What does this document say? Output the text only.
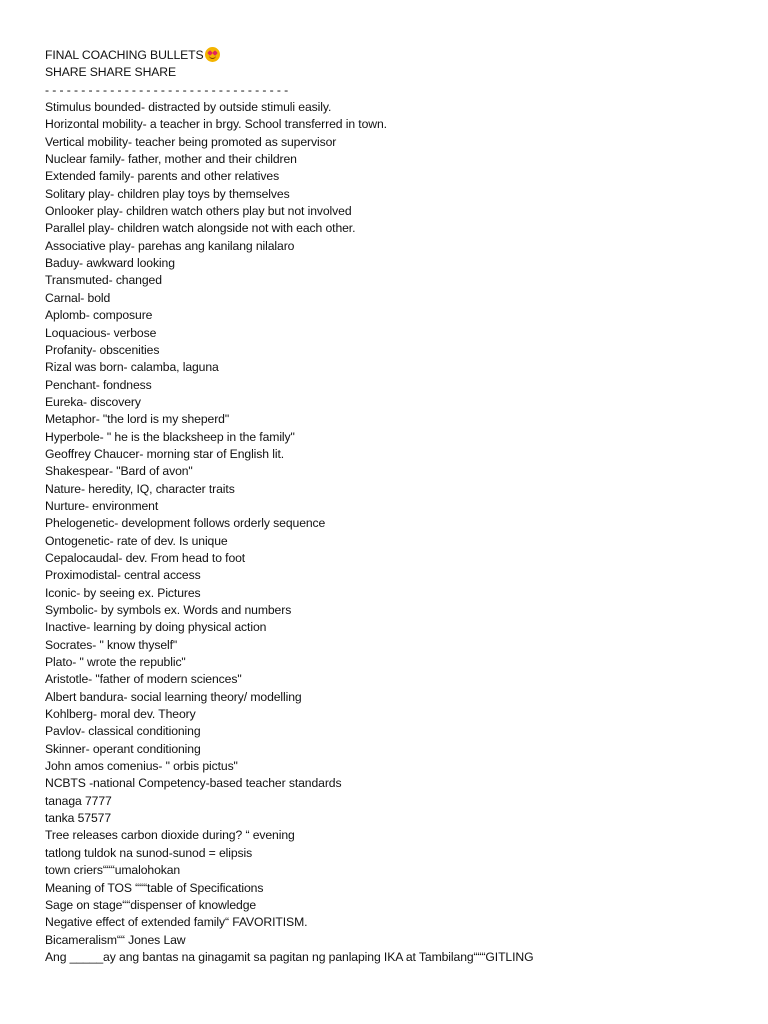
FINAL COACHING BULLETS
SHARE SHARE SHARE
- - - - - - - - - - - - - - - - - - - - - - - - - - - - - - - - - -
Stimulus bounded- distracted by outside stimuli easily.
Horizontal mobility- a teacher in brgy. School transferred in town.
Vertical mobility- teacher being promoted as supervisor
Nuclear family- father, mother and their children
Extended family- parents and other relatives
Solitary play- children play toys by themselves
Onlooker play- children watch others play but not involved
Parallel play- children watch alongside not with each other.
Associative play- parehas ang kanilang nilalaro
Baduy- awkward looking
Transmuted- changed
Carnal- bold
Aplomb- composure
Loquacious- verbose
Profanity- obscenities
Rizal was born- calamba, laguna
Penchant- fondness
Eureka- discovery
Metaphor- "the lord is my sheperd"
Hyperbole- " he is the blacksheep in the family"
Geoffrey Chaucer- morning star of English lit.
Shakespear- "Bard of avon"
Nature- heredity, IQ, character traits
Nurture- environment
Phelogenetic- development follows orderly sequence
Ontogenetic- rate of dev. Is unique
Cepalocaudal- dev. From head to foot
Proximodistal- central access
Iconic- by seeing ex. Pictures
Symbolic- by symbols ex. Words and numbers
Inactive- learning by doing physical action
Socrates- " know thyself"
Plato- " wrote the republic"
Aristotle- "father of modern sciences"
Albert bandura- social learning theory/ modelling
Kohlberg- moral dev. Theory
Pavlov- classical conditioning
Skinner- operant conditioning
John amos comenius- " orbis pictus"
NCBTS -national Competency-based teacher standards
tanaga 7777
tanka 57577
Tree releases carbon dioxide during? “ evening
tatlong tuldok na sunod-sunod = elipsis
town criers“““umalohokan
Meaning of TOS “““table of Specifications
Sage on stage““dispenser of knowledge
Negative effect of extended family“ FAVORITISM.
Bicameralism““ Jones Law
Ang _____ay ang bantas na ginagamit sa pagitan ng panlaping IKA at Tambilang“““GITLING
